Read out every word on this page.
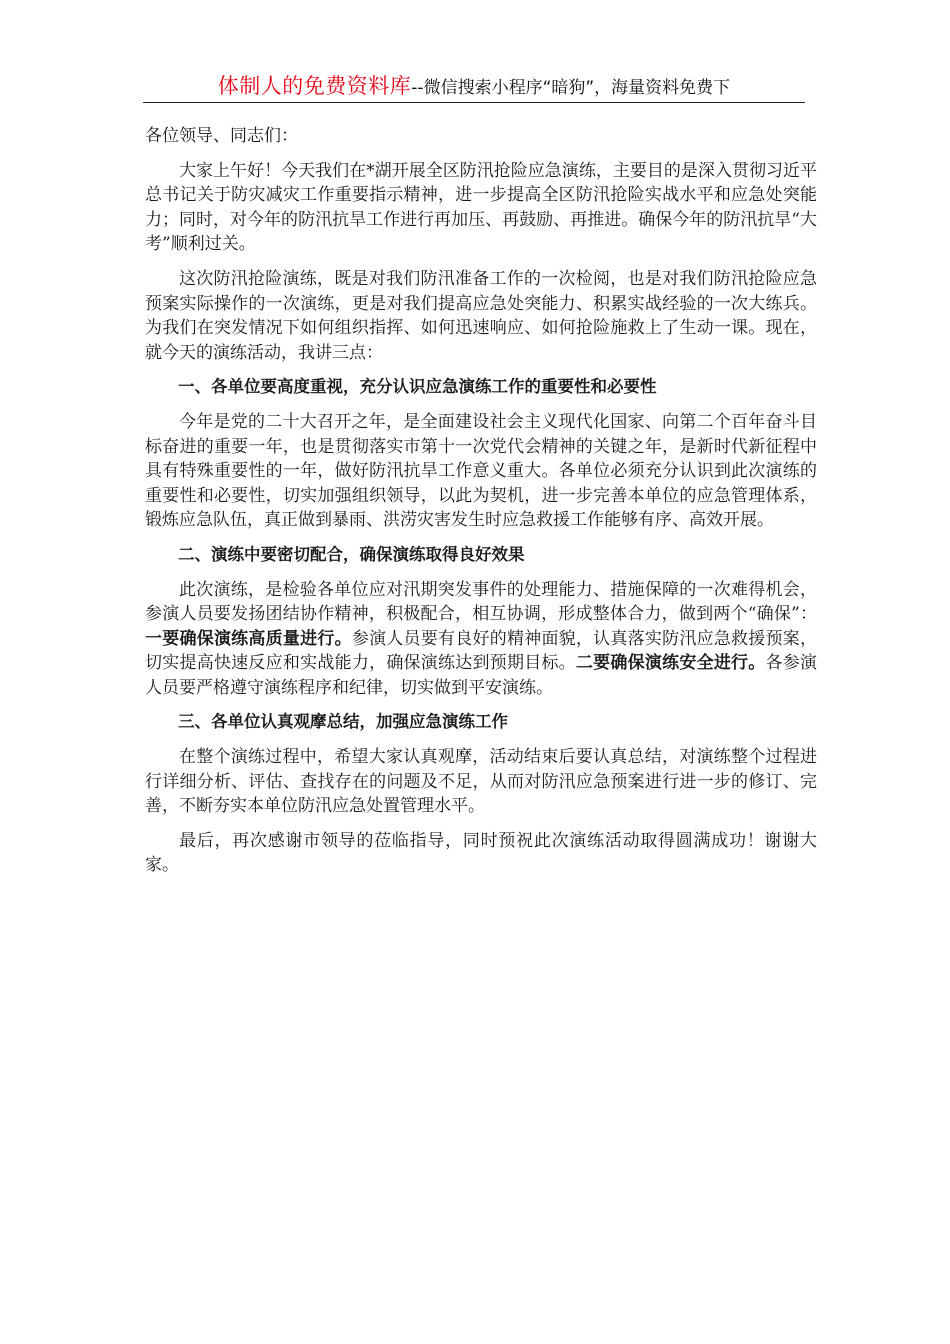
体制人的免费资料库--微信搜索小程序“暗狗”，海量资料免费下

各位领导、同志们：

大家上午好！今天我们在*湖开展全区防汛抢险应急演练，主要目的是深入贯彻习近平总书记关于防灾减灾工作重要指示精神，进一步提高全区防汛抢险实战水平和应急处突能力；同时，对今年的防汛抗旱工作进行再加压、再鼓励、再推进。确保今年的防汛抗旱“大考”顺利过关。

这次防汛抢险演练，既是对我们防汛准备工作的一次检阅，也是对我们防汛抢险应急预案实际操作的一次演练，更是对我们提高应急处突能力、积累实战经验的一次大练兵。为我们在突发情况下如何组织指挥、如何迅速响应、如何抢险施救上了生动一课。现在，就今天的演练活动，我讲三点：

一、各单位要高度重视，充分认识应急演练工作的重要性和必要性

今年是党的二十大召开之年，是全面建设社会主义现代化国家、向第二个百年奋斗目标奋进的重要一年，也是贯彻落实市第十一次党代会精神的关键之年，是新时代新征程中具有特殊重要性的一年，做好防汛抗旱工作意义重大。各单位必须充分认识到此次演练的重要性和必要性，切实加强组织领导，以此为契机，进一步完善本单位的应急管理体系，锻炼应急队伍，真正做到暴雨、洪涝灾害发生时应急救援工作能够有序、高效开展。

二、演练中要密切配合，确保演练取得良好效果

此次演练，是检验各单位应对汛期突发事件的处理能力、措施保障的一次难得机会，参演人员要发扬团结协作精神，积极配合，相互协调，形成整体合力，做到两个“确保”：一要确保演练高质量进行。参演人员要有良好的精神面貌，认真落实防汛应急救援预案，切实提高快速反应和实战能力，确保演练达到预期目标。二要确保演练安全进行。各参演人员要严格遵守演练程序和纪律，切实做到平安演练。

三、各单位认真观摩总结，加强应急演练工作

在整个演练过程中，希望大家认真观摩，活动结束后要认真总结，对演练整个过程进行详细分析、评估、查找存在的问题及不足，从而对防汛应急预案进行进一步的修订、完善，不断夯实本单位防汛应急处置管理水平。

最后，再次感谢市领导的莅临指导，同时预祝此次演练活动取得圆满成功！谢谢大家。
